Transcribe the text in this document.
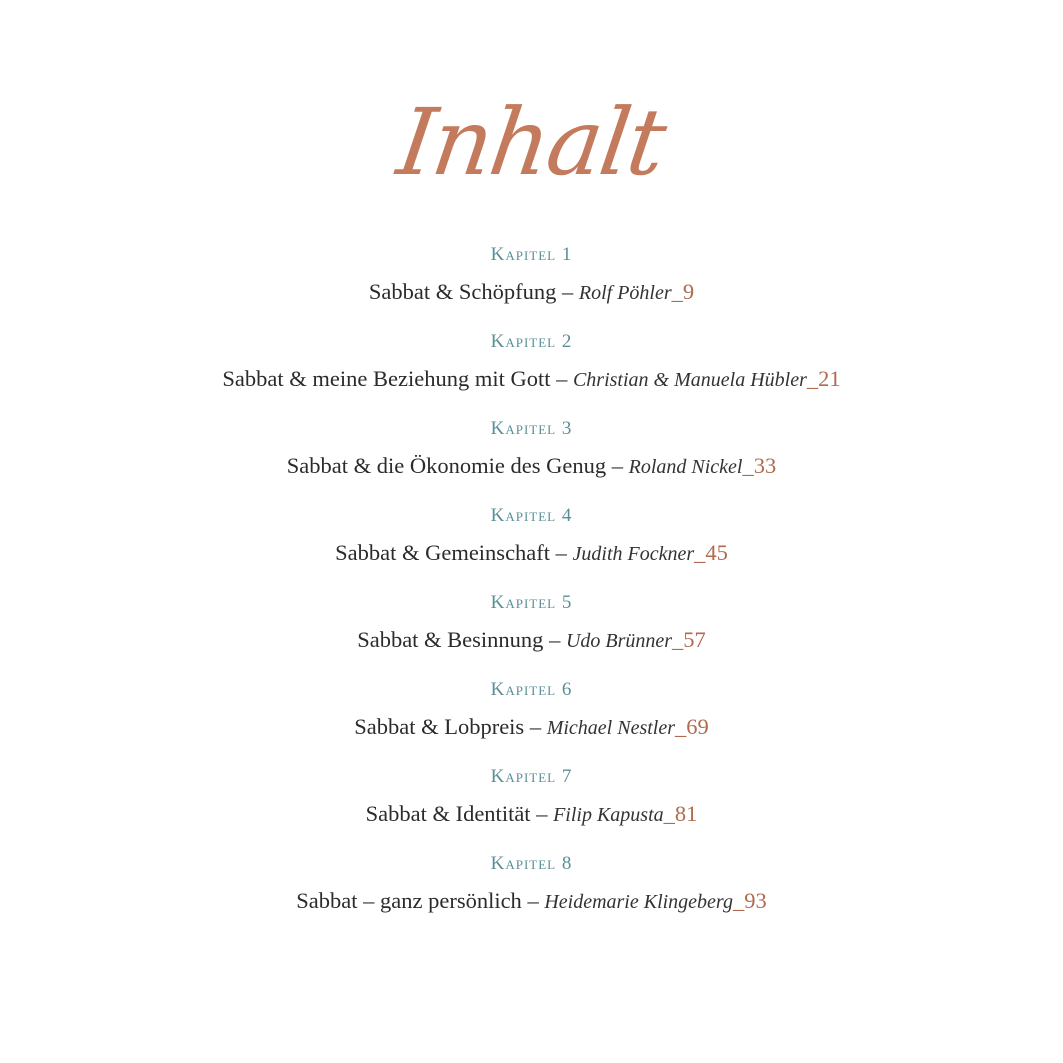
Inhalt
Kapitel 1
Sabbat & Schöpfung – Rolf Pöhler_9
Kapitel 2
Sabbat & meine Beziehung mit Gott – Christian & Manuela Hübler_21
Kapitel 3
Sabbat & die Ökonomie des Genug – Roland Nickel_33
Kapitel 4
Sabbat & Gemeinschaft – Judith Fockner_45
Kapitel 5
Sabbat & Besinnung – Udo Brünner_57
Kapitel 6
Sabbat & Lobpreis – Michael Nestler_69
Kapitel 7
Sabbat & Identität – Filip Kapusta_81
Kapitel 8
Sabbat – ganz persönlich – Heidemarie Klingeberg_93
